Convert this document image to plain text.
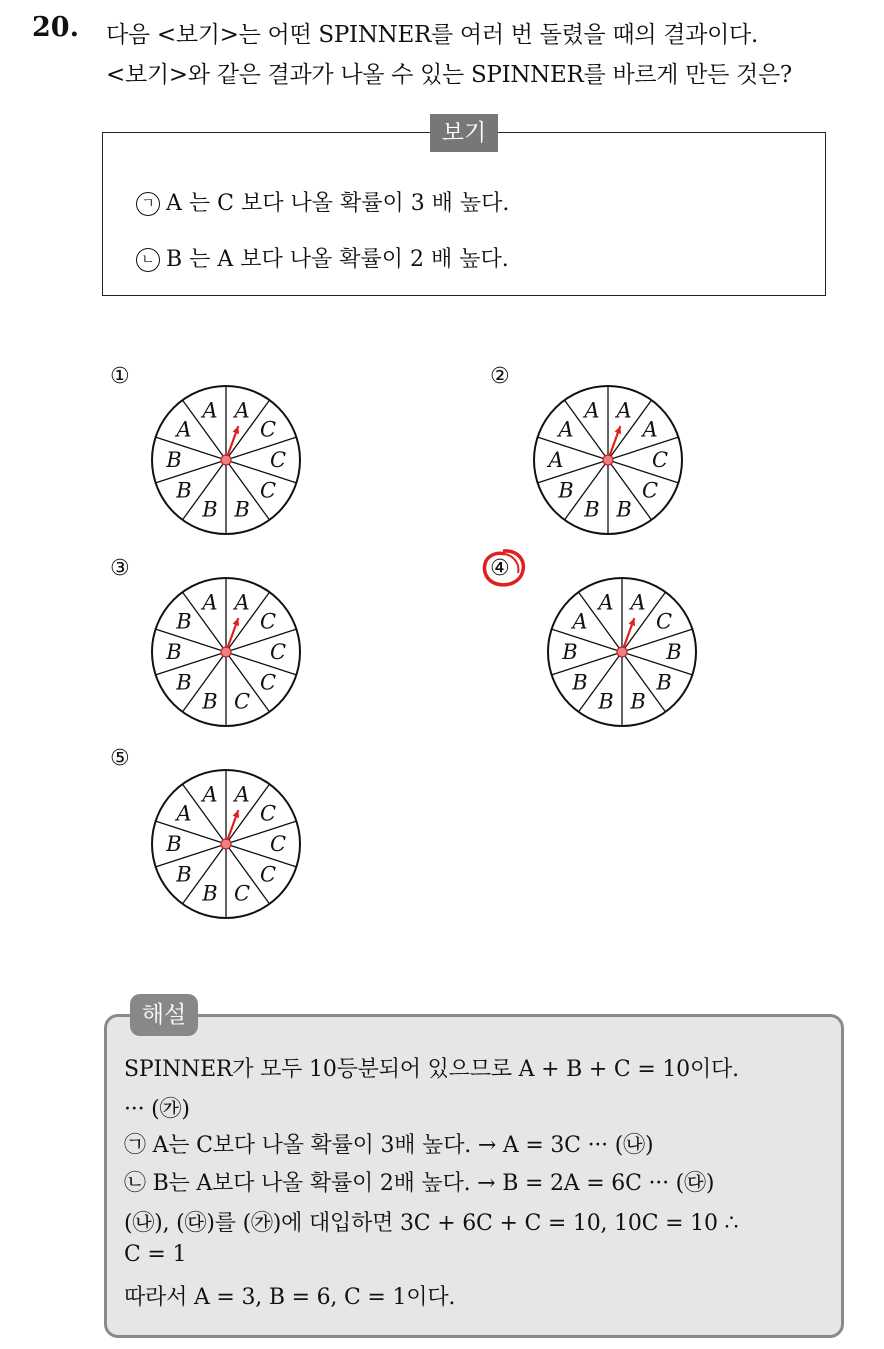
20. 다음 <보기>는 어떤 SPINNER를 여러 번 돌렸을 때의 결과이다.
<보기>와 같은 결과가 나올 수 있는 SPINNER를 바르게 만든 것은?
보기
ㄱ A 는 C 보다 나올 확률이 3 배 높다.
ㄴ B 는 A 보다 나올 확률이 2 배 높다.
①
A
C
C
C
B
B
B
B
A
A
②
A
A
C
C
B
B
B
A
A
A
③
A
C
C
C
C
B
B
B
B
A
④
A
C
B
B
B
B
B
B
A
A
⑤
A
C
C
C
C
B
B
B
A
A
해설
SPINNER가 모두 10등분되어 있으므로 A + B + C = 10이다.
··· (㉮)
㉠ A는 C보다 나올 확률이 3배 높다. → A = 3C ··· (㉯)
㉡ B는 A보다 나올 확률이 2배 높다. → B = 2A = 6C ··· (㉰)
(㉯), (㉰)를 (㉮)에 대입하면 3C + 6C + C = 10, 10C = 10 ∴
C = 1
따라서 A = 3, B = 6, C = 1이다.
